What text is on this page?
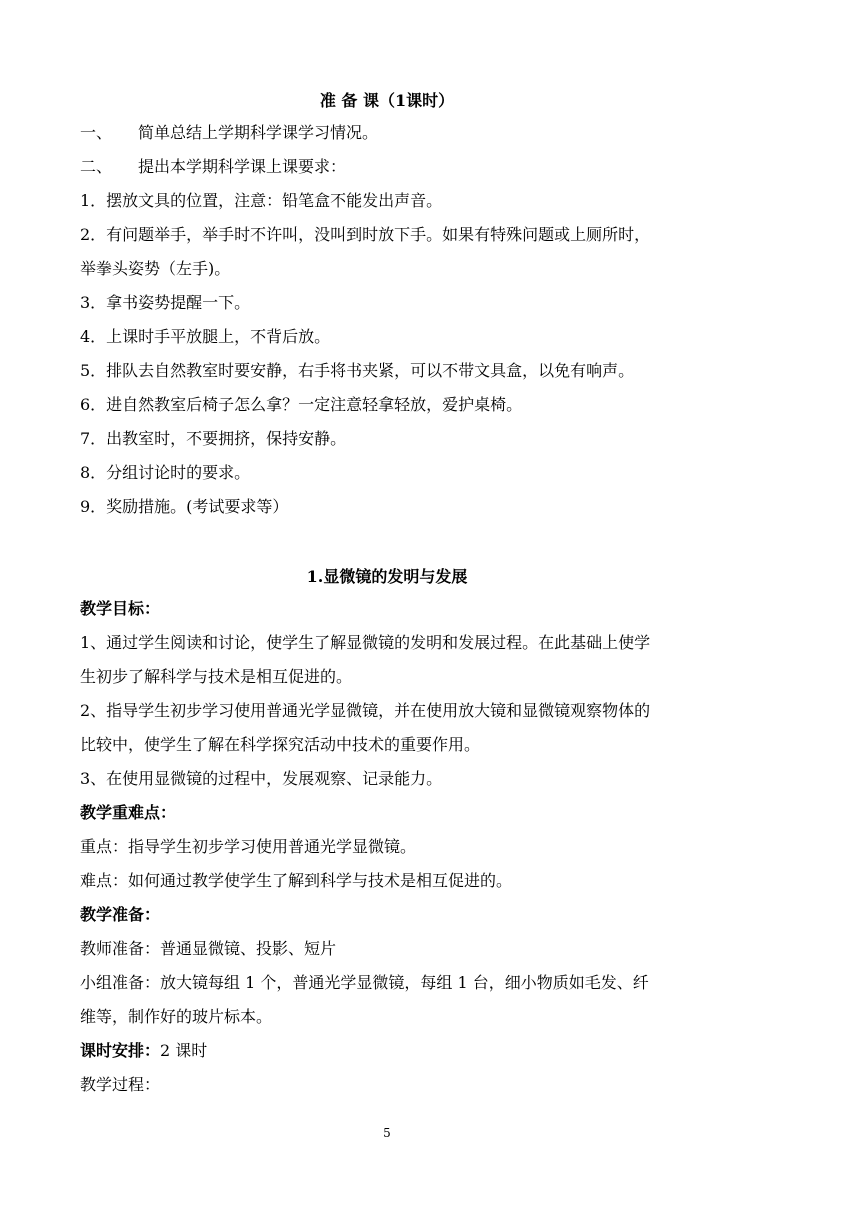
准 备 课（1课时）
一、 简单总结上学期科学课学习情况。
二、 提出本学期科学课上课要求：
1．摆放文具的位置，注意：铅笔盒不能发出声音。
2．有问题举手，举手时不许叫，没叫到时放下手。如果有特殊问题或上厕所时，
举拳头姿势（左手)。
3．拿书姿势提醒一下。
4．上课时手平放腿上，不背后放。
5．排队去自然教室时要安静，右手将书夹紧，可以不带文具盒，以免有响声。
6．进自然教室后椅子怎么拿？一定注意轻拿轻放，爱护桌椅。
7．出教室时，不要拥挤，保持安静。
8．分组讨论时的要求。
9．奖励措施。(考试要求等）
1.显微镜的发明与发展
教学目标：
1、通过学生阅读和讨论，使学生了解显微镜的发明和发展过程。在此基础上使学
生初步了解科学与技术是相互促进的。
2、指导学生初步学习使用普通光学显微镜，并在使用放大镜和显微镜观察物体的
比较中，使学生了解在科学探究活动中技术的重要作用。
3、在使用显微镜的过程中，发展观察、记录能力。
教学重难点：
重点：指导学生初步学习使用普通光学显微镜。
难点：如何通过教学使学生了解到科学与技术是相互促进的。
教学准备：
教师准备：普通显微镜、投影、短片
小组准备：放大镜每组 1 个，普通光学显微镜，每组 1 台，细小物质如毛发、纤
维等，制作好的玻片标本。
课时安排：2 课时
教学过程：
5
